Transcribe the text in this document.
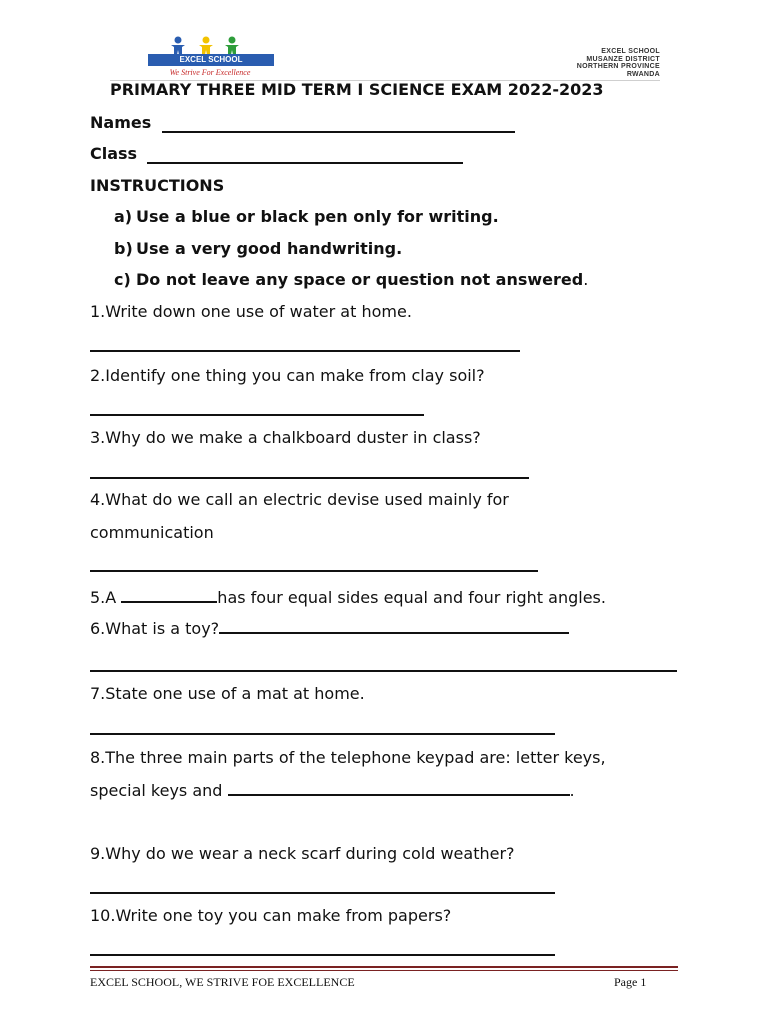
EXCEL SCHOOL
We Strive For Excellence
EXCEL SCHOOL
MUSANZE DISTRICT
NORTHERN PROVINCE
RWANDA
PRIMARY THREE MID TERM I SCIENCE EXAM 2022-2023
Names
Class
INSTRUCTIONS
a) Use a blue or black pen only for writing.
b) Use a very good handwriting.
c) Do not leave any space or question not answered.
1.Write down one use of water at home.
2.Identify one thing you can make from clay soil?
3.Why do we make a chalkboard duster in class?
4.What do we call an electric devise used mainly for
communication
5.A	has four equal sides equal and four right angles.
6.What is a toy?
7.State one use of a mat at home.
8.The three main parts of the telephone keypad are: letter keys,
special keys and	.
9.Why do we wear a neck scarf during cold weather?
10.Write one toy you can make from papers?
EXCEL SCHOOL, WE STRIVE FOE EXCELLENCE	Page 1
